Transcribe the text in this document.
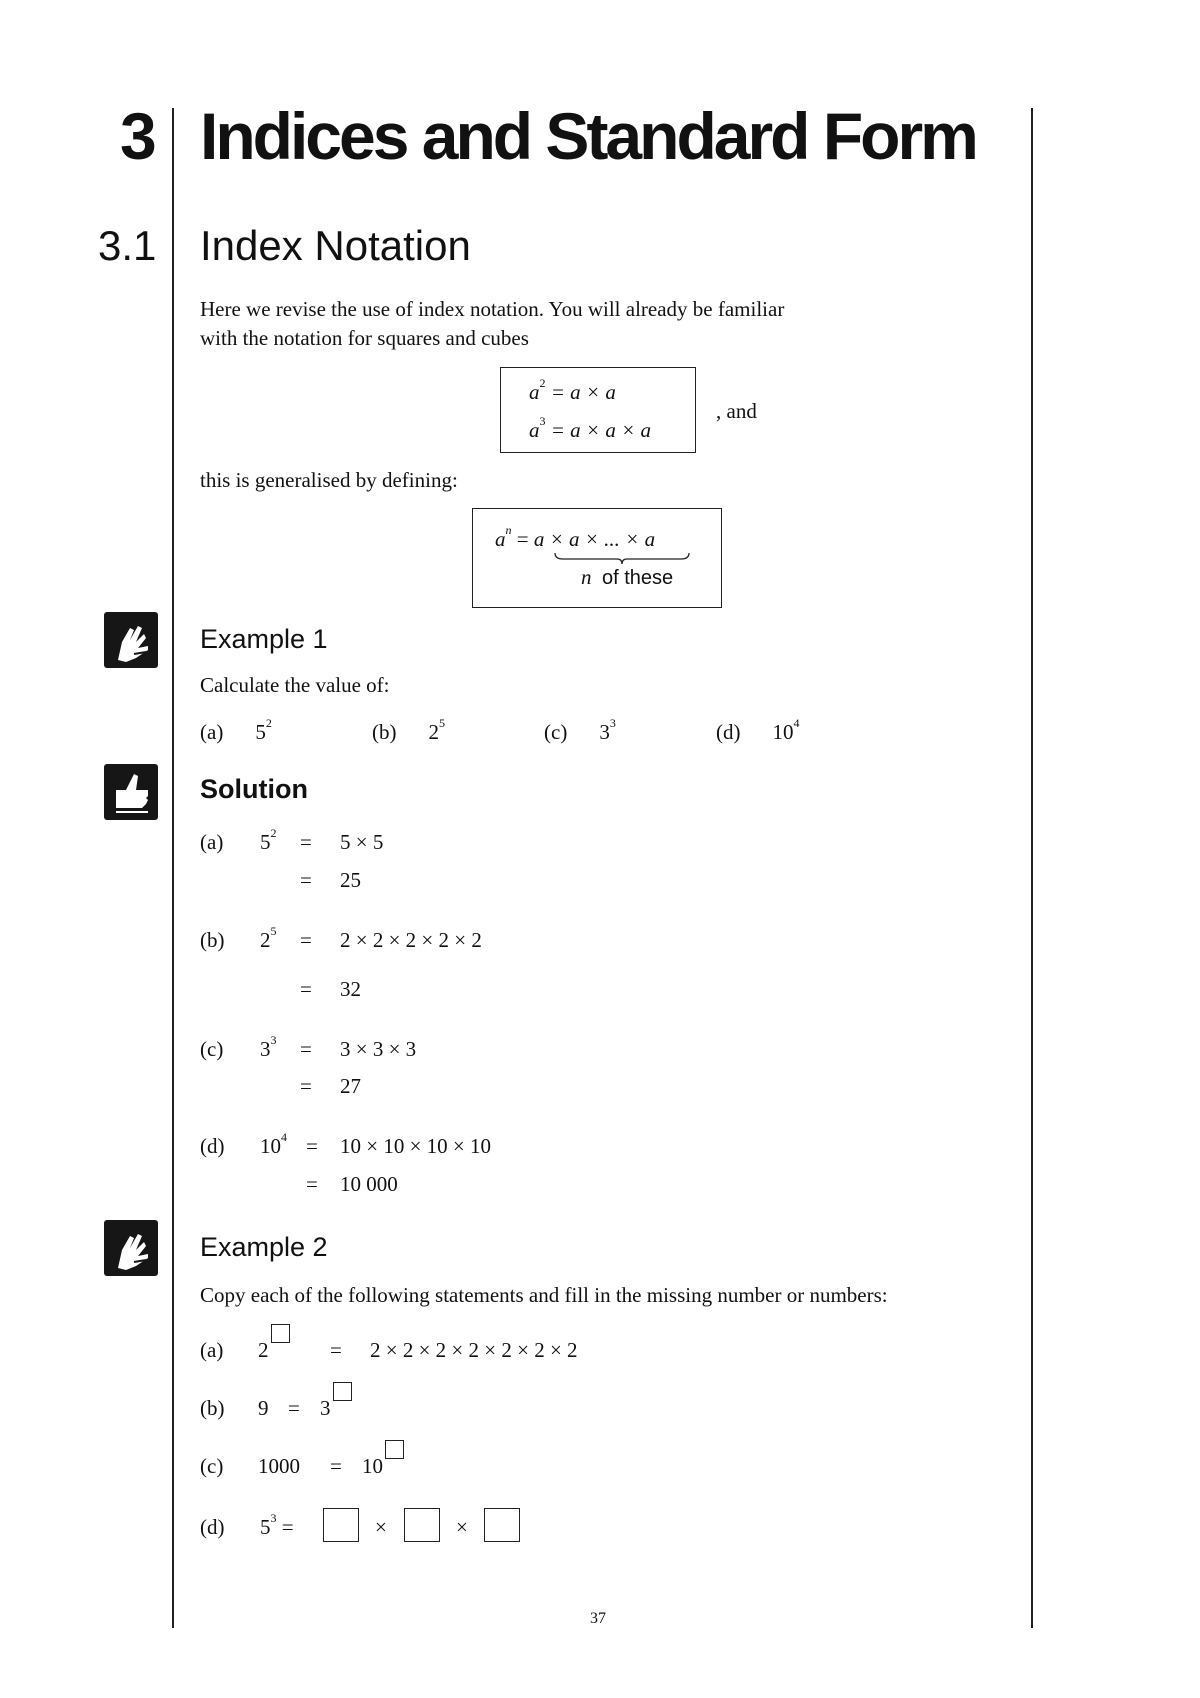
3 Indices and Standard Form
3.1 Index Notation
Here we revise the use of index notation. You will already be familiar
with the notation for squares and cubes
$a^2 = a \times a$
$a^3 = a \times a \times a$
, and
this is generalised by defining:
$a^n = a \times a$ × ... × a
n of these
Example 1
Calculate the value of:
(a) $5^2$	(b) $2^5$	(c) $3^3$	(d) $10^4$
Solution
(a) $5^2 = 5 \times 5$
= 25
(b) $2^5 = 2 \times 2 \times 2 \times 2 \times 2$
= 32
(c) $3^3 = 3 \times 3 \times 3$
= 27
(d) $10^4 = 10 \times 10 \times 10 \times 10$
= 10 000
Example 2
Copy each of the following statements and fill in the missing number or numbers:
(a) 2	= 2 × 2 × 2 × 2 × 2 × 2 × 2
(b) 9 = 3
(c) 1000 = 10
(d) $5^3$ =	×	×
37
